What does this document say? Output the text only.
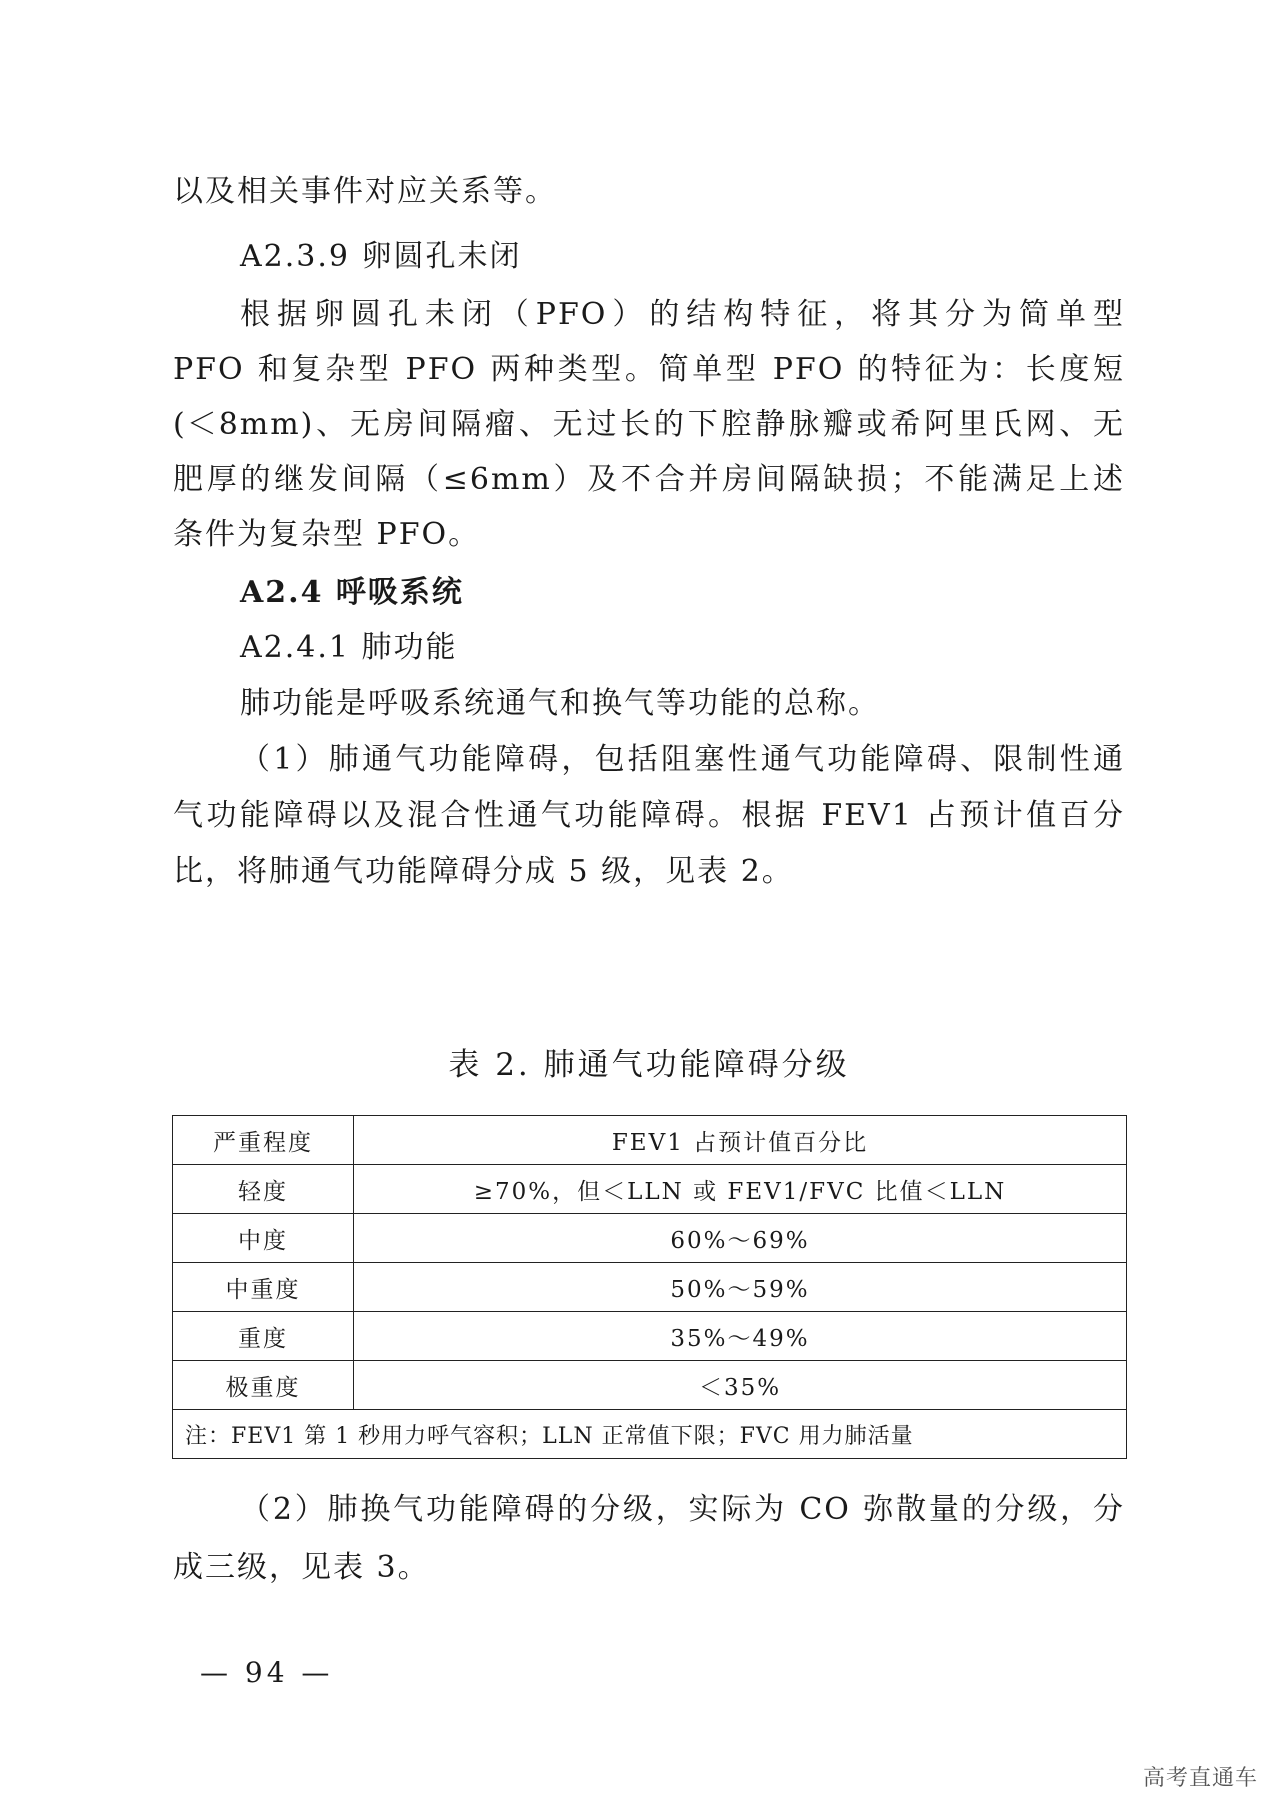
以及相关事件对应关系等。
A2.3.9 卵圆孔未闭
根据卵圆孔未闭（PFO）的结构特征，将其分为简单型
PFO 和复杂型 PFO 两种类型。简单型 PFO 的特征为：长度短
(＜8mm)、无房间隔瘤、无过长的下腔静脉瓣或希阿里氏网、无
肥厚的继发间隔（≤6mm）及不合并房间隔缺损；不能满足上述
条件为复杂型 PFO。
A2.4 呼吸系统
A2.4.1 肺功能
肺功能是呼吸系统通气和换气等功能的总称。
（1）肺通气功能障碍，包括阻塞性通气功能障碍、限制性通
气功能障碍以及混合性通气功能障碍。根据 FEV1 占预计值百分
比，将肺通气功能障碍分成 5 级，见表 2。
表 2. 肺通气功能障碍分级
严重程度	FEV1 占预计值百分比
轻度	≥70%，但＜LLN 或 FEV1/FVC 比值＜LLN
中度	60%～69%
中重度	50%～59%
重度	35%～49%
极重度	＜35%
注：FEV1 第 1 秒用力呼气容积；LLN 正常值下限；FVC 用力肺活量	
（2）肺换气功能障碍的分级，实际为 CO 弥散量的分级，分
成三级，见表 3。
— 94 —
高考直通车
